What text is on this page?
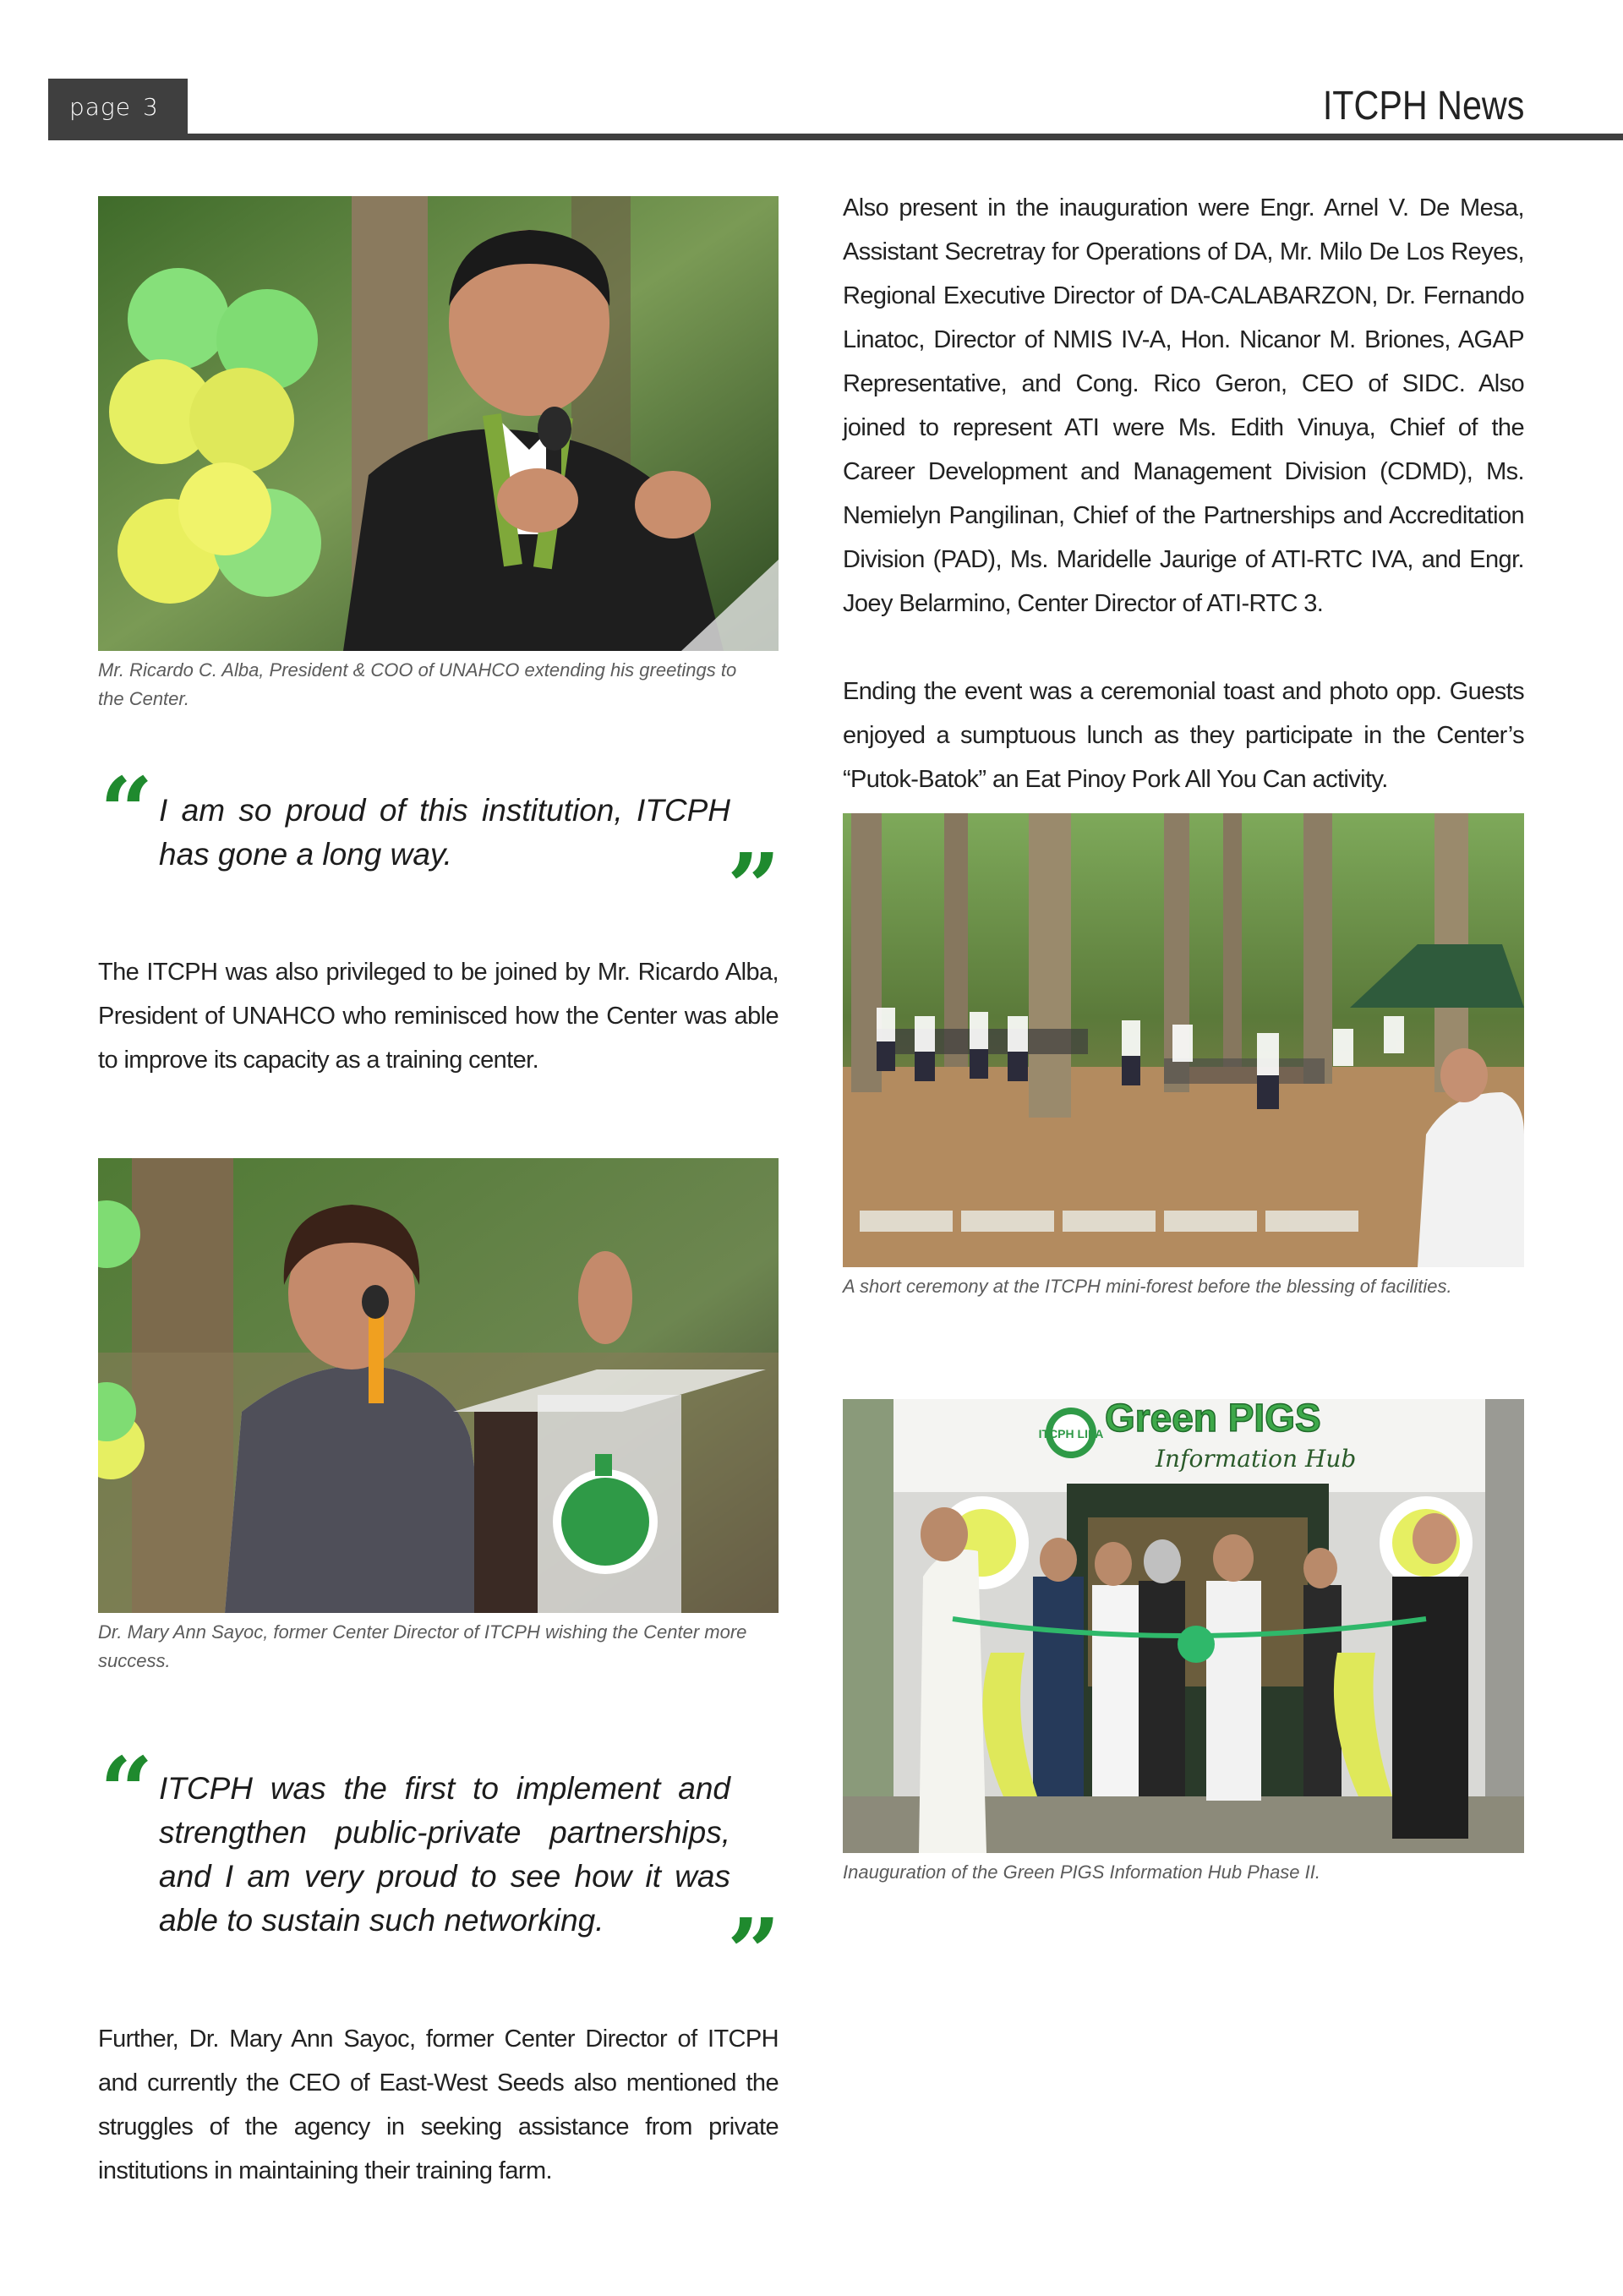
page 3	ITCPH News
Mr. Ricardo C. Alba, President & COO of UNAHCO extending his greetings to the Center.
“ I am so proud of this institution, ITCPH has gone a long way.	”

The ITCPH was also privileged to be joined by Mr. Ricardo Alba, President of UNAHCO who reminisced how the Center was able to improve its capacity as a training center.

Dr. Mary Ann Sayoc, former Center Director of ITCPH wishing the Center more success.
“ ITCPH was the first to implement and strengthen public-private partnerships, and I am very proud to see how it was able to sustain such networking.	”

Further, Dr. Mary Ann Sayoc, former Center Director of ITCPH and currently the CEO of East-West Seeds also mentioned the struggles of the agency in seeking assistance from private institutions in maintaining their training farm.

Also present in the inauguration were Engr. Arnel V. De Mesa, Assistant Secretray for Operations of DA, Mr. Milo De Los Reyes, Regional Executive Director of DA-CALABARZON, Dr. Fernando Linatoc, Director of NMIS IV-A, Hon. Nicanor M. Briones, AGAP Representative, and Cong. Rico Geron, CEO of SIDC. Also joined to represent ATI were Ms. Edith Vinuya, Chief of the Career Development and Management Division (CDMD), Ms. Nemielyn Pangilinan, Chief of the Partnerships and Accreditation Division (PAD), Ms. Maridelle Jaurige of ATI-RTC IVA, and Engr. Joey Belarmino, Center Director of ATI-RTC 3.

Ending the event was a ceremonial toast and photo opp. Guests enjoyed a sumptuous lunch as they participate in the Center’s “Putok-Batok” an Eat Pinoy Pork All You Can activity.

A short ceremony at the ITCPH mini-forest before the blessing of facilities.
ITCPH LIPA Green PIGS
Information Hub
Inauguration of the Green PIGS Information Hub Phase II.
